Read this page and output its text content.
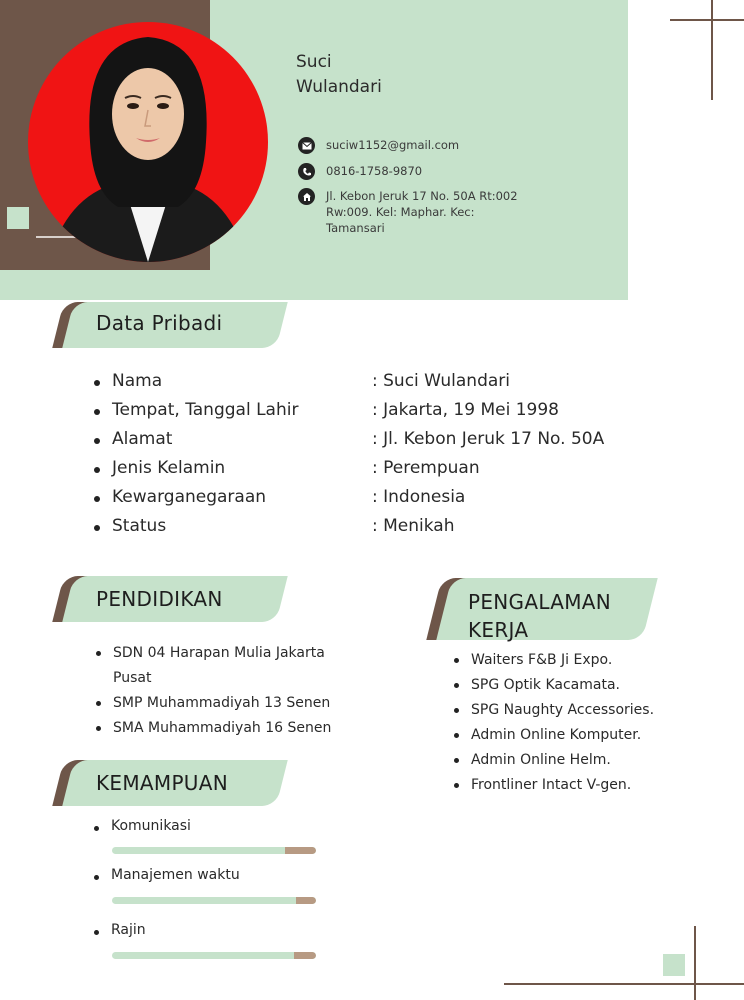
Suci
Wulandari
suciw1152@gmail.com
0816-1758-9870
Jl. Kebon Jeruk 17 No. 50A Rt:002 Rw:009. Kel: Maphar. Kec: Tamansari
Data Pribadi
Nama	: Suci Wulandari
Tempat, Tanggal Lahir	: Jakarta, 19 Mei 1998
Alamat	: Jl. Kebon Jeruk 17 No. 50A
Jenis Kelamin	: Perempuan
Kewarganegaraan	: Indonesia
Status	: Menikah
PENDIDIKAN
SDN 04 Harapan Mulia Jakarta Pusat
SMP Muhammadiyah 13 Senen
SMA Muhammadiyah 16 Senen
PENGALAMAN KERJA
Waiters F&B Ji Expo.
SPG Optik Kacamata.
SPG Naughty Accessories.
Admin Online Komputer.
Admin Online Helm.
Frontliner Intact V-gen.
KEMAMPUAN
Komunikasi
Manajemen waktu
Rajin
